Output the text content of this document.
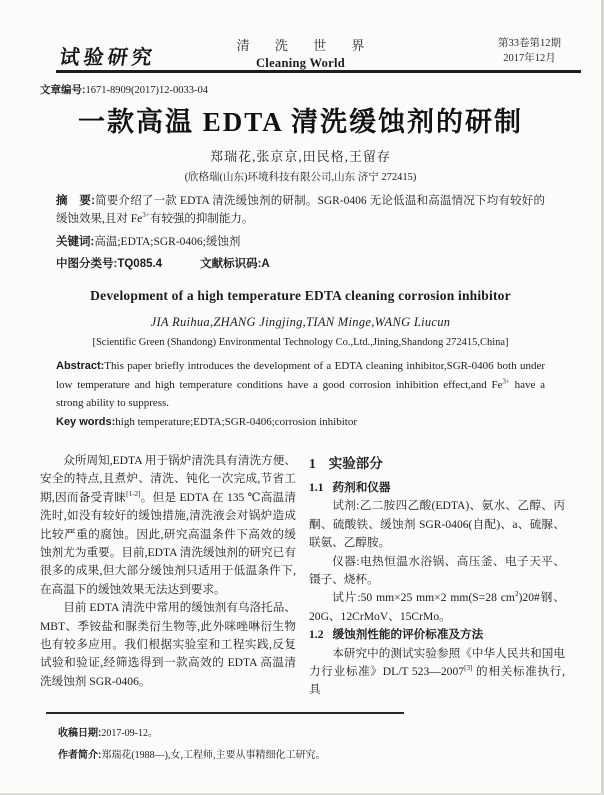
试验研究
清 洗 世 界
Cleaning World
第33卷第12期
2017年12月
文章编号:1671-8909(2017)12-0033-04
一款高温 EDTA 清洗缓蚀剂的研制
郑瑞花,张京京,田民格,王留存
(欣格瑞(山东)环境科技有限公司,山东 济宁 272415)
摘　要:简要介绍了一款 EDTA 清洗缓蚀剂的研制。SGR-0406 无论低温和高温情况下均有较好的缓蚀效果,且对 $Fe^{3+}$有较强的抑制能力。
关键词:高温;EDTA;SGR-0406;缓蚀剂
中图分类号:TQ085.4	文献标识码:A
Development of a high temperature EDTA cleaning corrosion inhibitor
JIA Ruihua,ZHANG Jingjing,TIAN Minge,WANG Liucun
[Scientific Green (Shandong) Environmental Technology Co.,Ltd.,Jining,Shandong 272415,China]
Abstract:This paper briefly introduces the development of a EDTA cleaning inhibitor,SGR-0406 both under low temperature and high temperature conditions have a good corrosion inhibition effect,and $Fe^{3+}$ have a strong ability to suppress.
Key words:high temperature;EDTA;SGR-0406;corrosion inhibitor

众所周知,EDTA 用于锅炉清洗具有清洗方便、安全的特点,且煮炉、清洗、钝化一次完成,节省工期,因而备受青睐[1-2]。但是 EDTA 在 135 ℃高温清洗时,如没有较好的缓蚀措施,清洗液会对锅炉造成比较严重的腐蚀。因此,研究高温条件下高效的缓蚀剂尤为重要。目前,EDTA 清洗缓蚀剂的研究已有很多的成果,但大部分缓蚀剂只适用于低温条件下,在高温下的缓蚀效果无法达到要求。

目前 EDTA 清洗中常用的缓蚀剂有乌洛托品、MBT、季铵盐和脲类衍生物等,此外咪唑啉衍生物也有较多应用。我们根据实验室和工程实践,反复试验和验证,经筛选得到一款高效的 EDTA 高温清洗缓蚀剂 SGR-0406。

1 实验部分
1.1 药剂和仪器

试剂:乙二胺四乙酸(EDTA)、氨水、乙醇、丙酮、硫酸铁、缓蚀剂 SGR-0406(自配)、a、硫脲、联氨、乙醇胺。

仪器:电热恒温水浴锅、高压釜、电子天平、镊子、烧杯。

试片:50 mm×25 mm×2 mm(S=28 $cm^2)20\#$钢、20G、12CrMoV、15CrMo。

1.2 缓蚀剂性能的评价标准及方法

本研究中的测试实验参照《中华人民共和国电力行业标准》DL/T 523—2007[3] 的相关标准执行,具

收稿日期:2017-09-12。
作者简介:郑瑞花(1988—),女,工程师,主要从事精细化工研究。
